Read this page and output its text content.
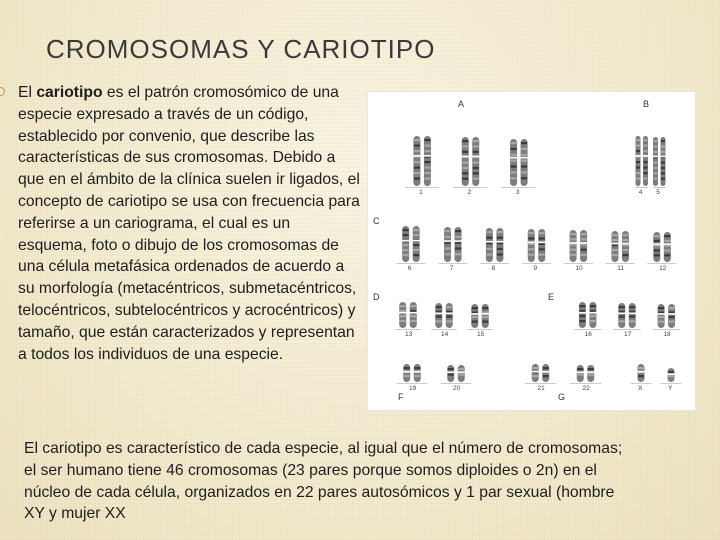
CROMOSOMAS Y CARIOTIPO
El cariotipo es el patrón cromosómico de una especie expresado a través de un código, establecido por convenio, que describe las características de sus cromosomas. Debido a que en el ámbito de la clínica suelen ir ligados, el concepto de cariotipo se usa con frecuencia para referirse a un cariograma, el cual es un esquema, foto o dibujo de los cromosomas de una célula metafásica ordenados de acuerdo a su morfología (metacéntricos, submetacéntricos, telocéntricos, subtelocéntricos y acrocéntricos) y tamaño, que están caracterizados y representan a todos los individuos de una especie.
El cariotipo es característico de cada especie, al igual que el número de cromosomas; el ser humano tiene 46 cromosomas (23 pares porque somos diploides o 2n) en el núcleo de cada célula, organizados en 22 pares autosómicos y 1 par sexual (hombre XY y mujer XX
A
1	2	3
B
4 5
C
6	7	8	9	10	11	12
D
13	14	15
E
16	17	18
F
19	20
G
21	22	X	Y
